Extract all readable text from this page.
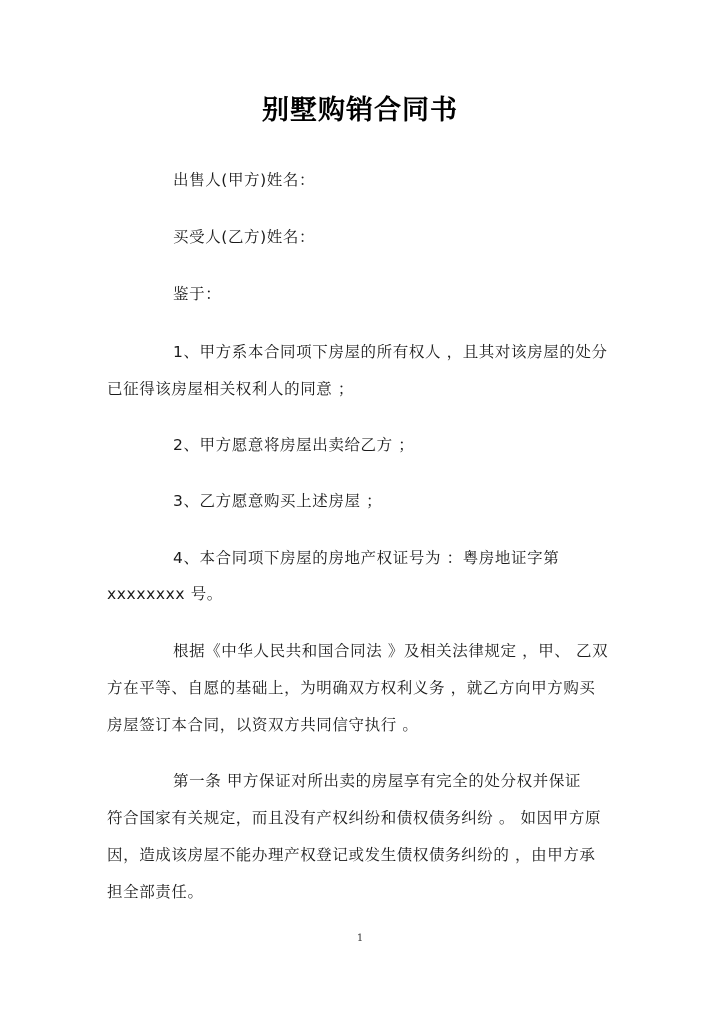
别墅购销合同书
出售人(甲方)姓名：
买受人(乙方)姓名：
鉴于：
1、甲方系本合同项下房屋的所有权人 ，且其对该房屋的处分
已征得该房屋相关权利人的同意 ；
2、甲方愿意将房屋出卖给乙方 ；
3、乙方愿意购买上述房屋 ；
4、本合同项下房屋的房地产权证号为 ：粤房地证字第
xxxxxxxx 号。
根据《中华人民共和国合同法 》及相关法律规定 ，甲、 乙双
方在平等、自愿的基础上，为明确双方权利义务 ，就乙方向甲方购买
房屋签订本合同，以资双方共同信守执行 。
第一条 甲方保证对所出卖的房屋享有完全的处分权并保证
符合国家有关规定，而且没有产权纠纷和债权债务纠纷 。 如因甲方原
因，造成该房屋不能办理产权登记或发生债权债务纠纷的 ，由甲方承
担全部责任。
1
